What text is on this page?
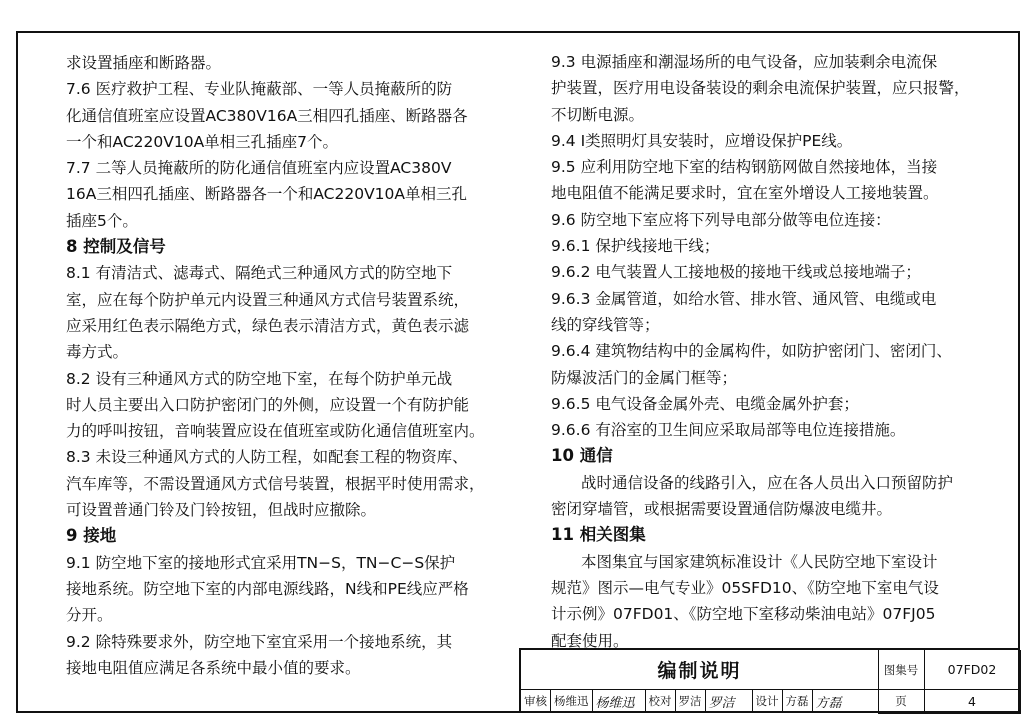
求设置插座和断路器。

7.6 医疗救护工程、专业队掩蔽部、一等人员掩蔽所的防

化通信值班室应设置AC380V16A三相四孔插座、断路器各

一个和AC220V10A单相三孔插座7个。

7.7 二等人员掩蔽所的防化通信值班室内应设置AC380V

16A三相四孔插座、断路器各一个和AC220V10A单相三孔

插座5个。

8 控制及信号

8.1 有清洁式、滤毒式、隔绝式三种通风方式的防空地下

室，应在每个防护单元内设置三种通风方式信号装置系统，

应采用红色表示隔绝方式，绿色表示清洁方式，黄色表示滤

毒方式。

8.2 设有三种通风方式的防空地下室，在每个防护单元战

时人员主要出入口防护密闭门的外侧，应设置一个有防护能

力的呼叫按钮，音响装置应设在值班室或防化通信值班室内。

8.3 未设三种通风方式的人防工程，如配套工程的物资库、

汽车库等，不需设置通风方式信号装置，根据平时使用需求，

可设置普通门铃及门铃按钮，但战时应撤除。

9 接地

9.1 防空地下室的接地形式宜采用TN−S，TN−C−S保护

接地系统。防空地下室的内部电源线路，N线和PE线应严格

分开。

9.2 除特殊要求外，防空地下室宜采用一个接地系统，其

接地电阻值应满足各系统中最小值的要求。

9.3 电源插座和潮湿场所的电气设备，应加装剩余电流保

护装置，医疗用电设备装设的剩余电流保护装置，应只报警，

不切断电源。

9.4 Ⅰ类照明灯具安装时，应增设保护PE线。

9.5 应利用防空地下室的结构钢筋网做自然接地体，当接

地电阻值不能满足要求时，宜在室外增设人工接地装置。

9.6 防空地下室应将下列导电部分做等电位连接：

9.6.1 保护线接地干线；

9.6.2 电气装置人工接地极的接地干线或总接地端子；

9.6.3 金属管道，如给水管、排水管、通风管、电缆或电

线的穿线管等；

9.6.4 建筑物结构中的金属构件，如防护密闭门、密闭门、

防爆波活门的金属门框等；

9.6.5 电气设备金属外壳、电缆金属外护套；

9.6.6 有浴室的卫生间应采取局部等电位连接措施。

10 通信

战时通信设备的线路引入，应在各人员出入口预留防护

密闭穿墙管，或根据需要设置通信防爆波电缆井。

11 相关图集

本图集宜与国家建筑标准设计《人民防空地下室设计

规范》图示—电气专业》05SFD10、《防空地下室电气设

计示例》07FD01、《防空地下室移动柴油电站》07FJ05

配套使用。

编制说明	图集号	07FD02
页	4
审核 杨维迅 杨维迅	校对 罗洁 罗洁	设计 方磊 方磊
